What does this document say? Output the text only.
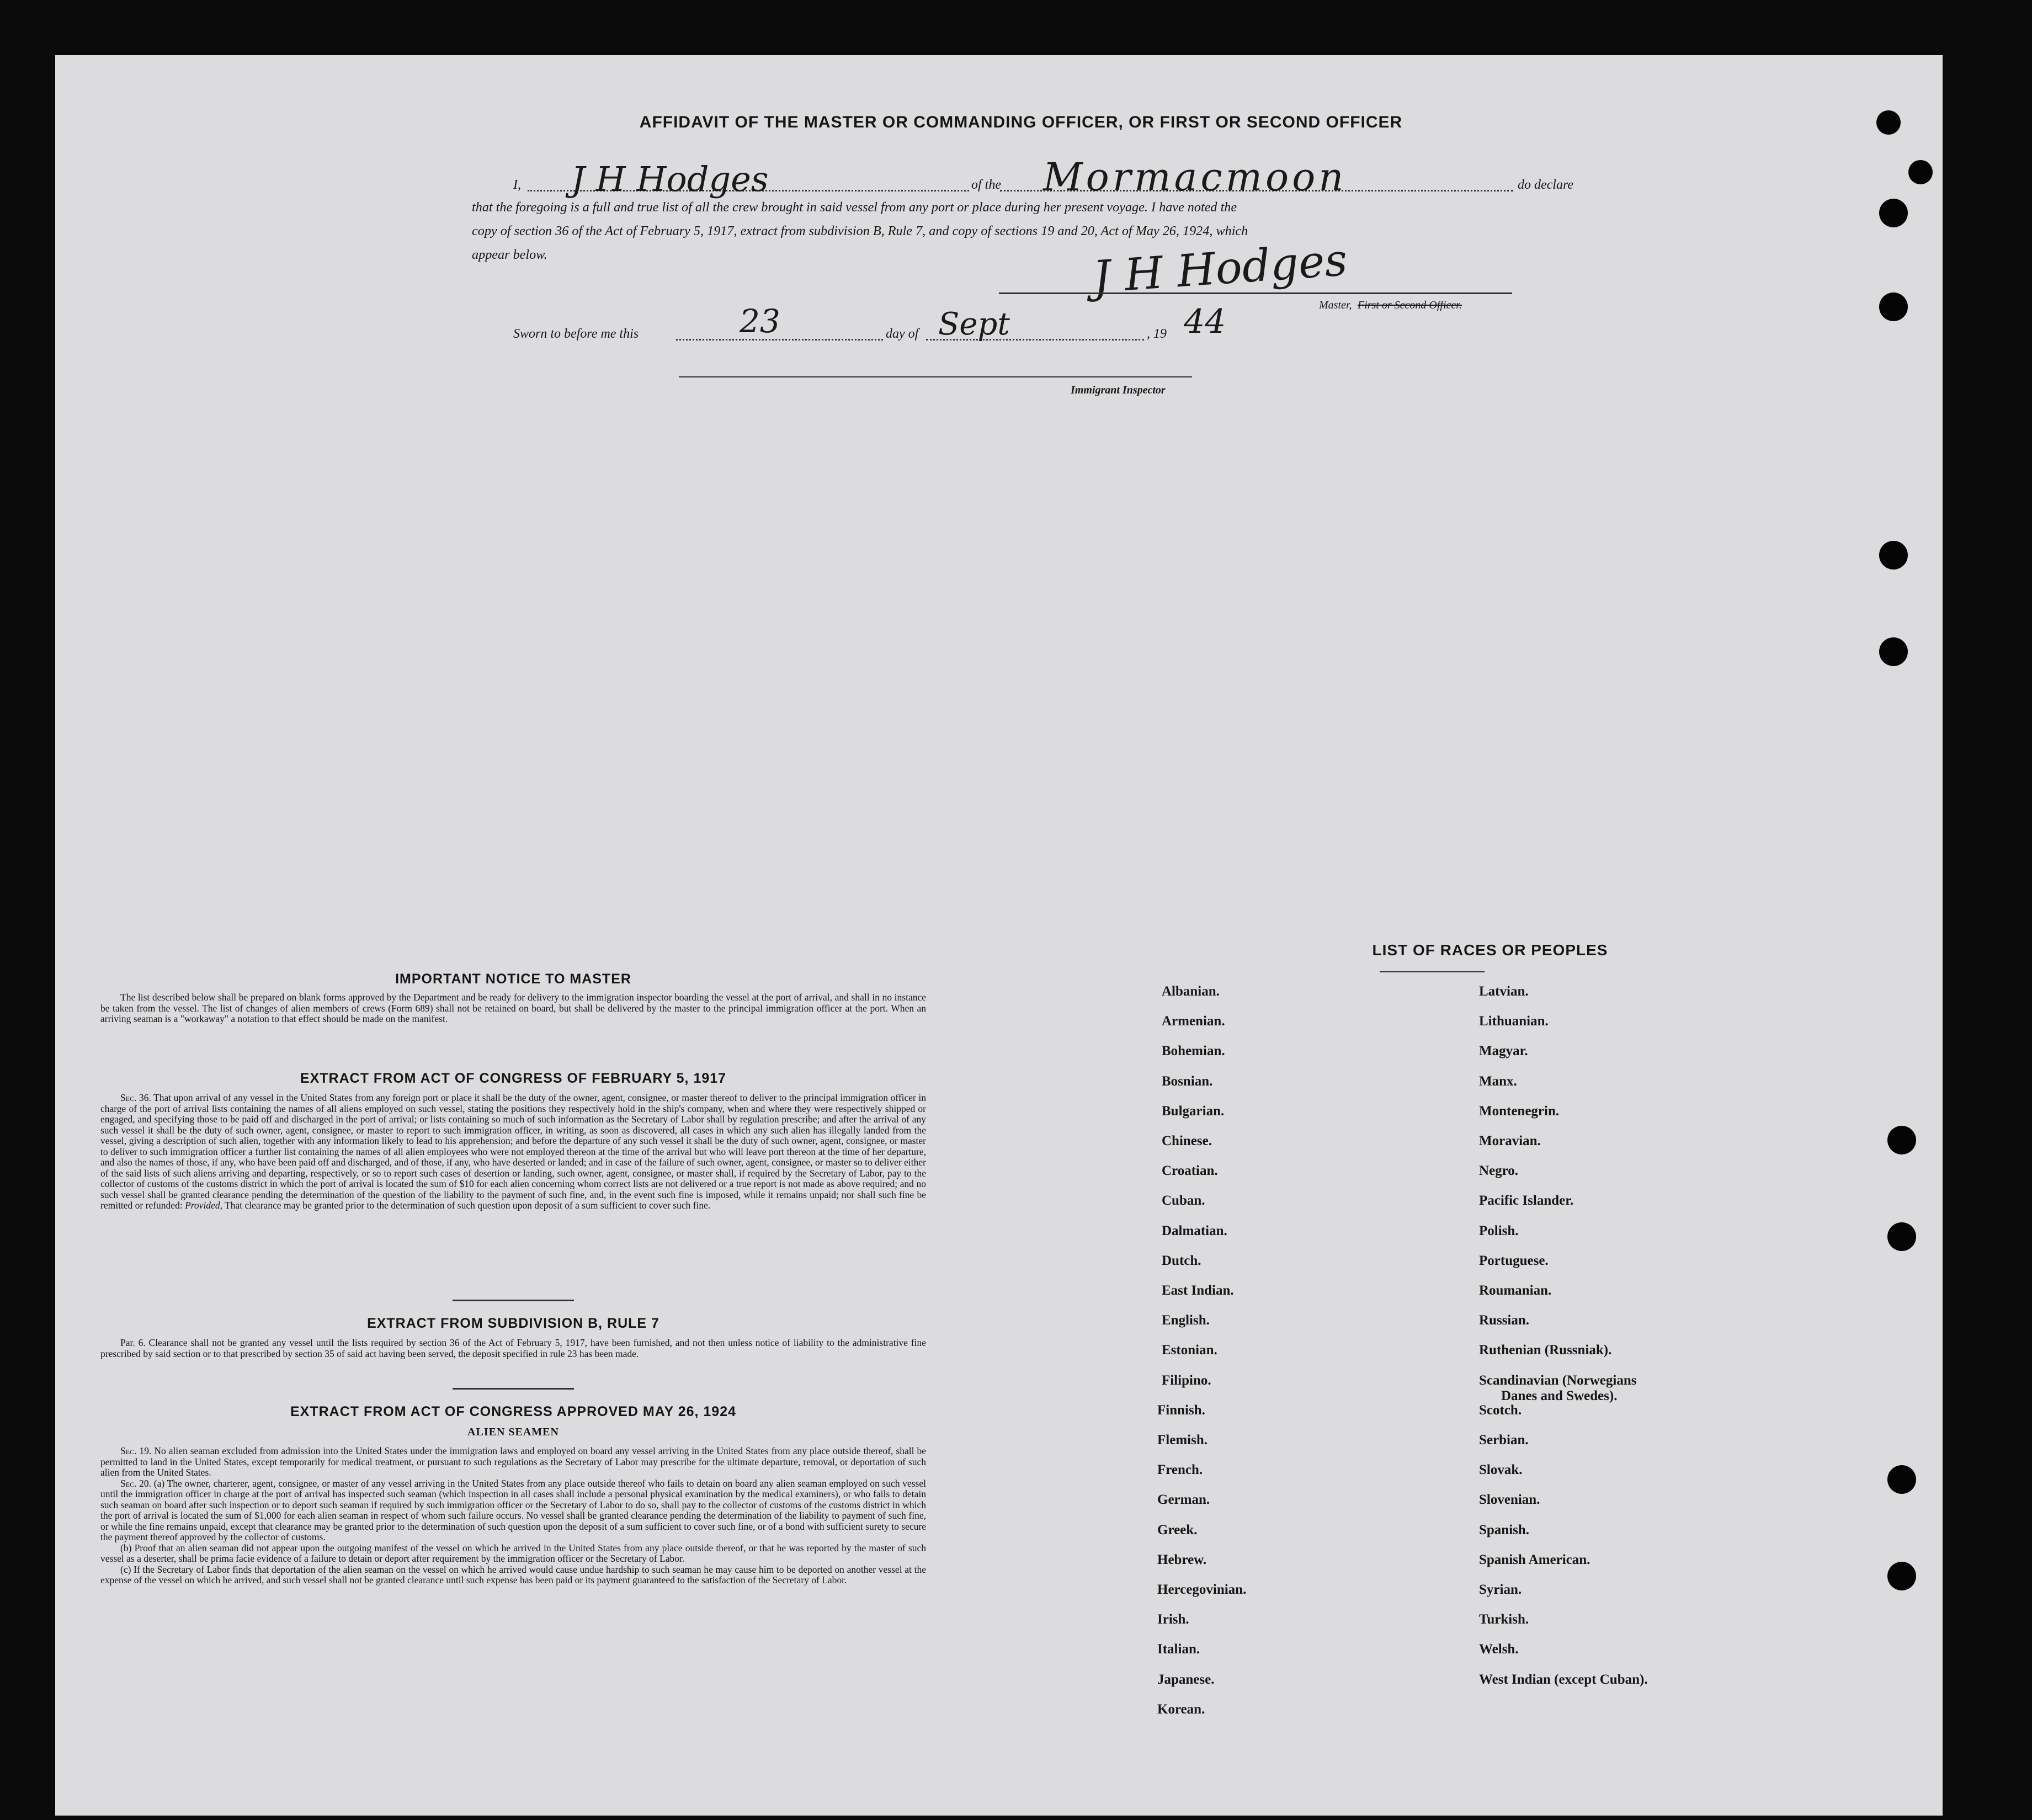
AFFIDAVIT OF THE MASTER OR COMMANDING OFFICER, OR FIRST OR SECOND OFFICER
I, J H Hodges	of the Mormacmoon	do declare
that the foregoing is a full and true list of all the crew brought in said vessel from any port or place during her present voyage. I have noted the
copy of section 36 of the Act of February 5, 1917, extract from subdivision B, Rule 7, and copy of sections 19 and 20, Act of May 26, 1924, which
appear below.	J H Hodges
Master, First or Second Officer.
Sworn to before me this	23	day of Sept	, 19 44
Immigrant Inspector
IMPORTANT NOTICE TO MASTER

The list described below shall be prepared on blank forms approved by the Department and be ready for delivery to the immigration inspector boarding the vessel at the port of arrival, and shall in no instance be taken from the vessel. The list of changes of alien members of crews (Form 689) shall not be retained on board, but shall be delivered by the master to the principal immigration officer at the port. When an arriving seaman is a "workaway" a notation to that effect should be made on the manifest.

EXTRACT FROM ACT OF CONGRESS OF FEBRUARY 5, 1917

Sec. 36. That upon arrival of any vessel in the United States from any foreign port or place it shall be the duty of the owner, agent, consignee, or master thereof to deliver to the principal immigration officer in charge of the port of arrival lists containing the names of all aliens employed on such vessel, stating the positions they respectively hold in the ship's company, when and where they were respectively shipped or engaged, and specifying those to be paid off and discharged in the port of arrival; or lists containing so much of such information as the Secretary of Labor shall by regulation prescribe; and after the arrival of any such vessel it shall be the duty of such owner, agent, consignee, or master to report to such immigration officer, in writing, as soon as discovered, all cases in which any such alien has illegally landed from the vessel, giving a description of such alien, together with any information likely to lead to his apprehension; and before the departure of any such vessel it shall be the duty of such owner, agent, consignee, or master to deliver to such immigration officer a further list containing the names of all alien employees who were not employed thereon at the time of the arrival but who will leave port thereon at the time of her departure, and also the names of those, if any, who have been paid off and discharged, and of those, if any, who have deserted or landed; and in case of the failure of such owner, agent, consignee, or master so to deliver either of the said lists of such aliens arriving and departing, respectively, or so to report such cases of desertion or landing, such owner, agent, consignee, or master shall, if required by the Secretary of Labor, pay to the collector of customs of the customs district in which the port of arrival is located the sum of $10 for each alien concerning whom correct lists are not delivered or a true report is not made as above required; and no such vessel shall be granted clearance pending the determination of the question of the liability to the payment of such fine, and, in the event such fine is imposed, while it remains unpaid; nor shall such fine be remitted or refunded: Provided, That clearance may be granted prior to the determination of such question upon deposit of a sum sufficient to cover such fine.

EXTRACT FROM SUBDIVISION B, RULE 7

Par. 6. Clearance shall not be granted any vessel until the lists required by section 36 of the Act of February 5, 1917, have been furnished, and not then unless notice of liability to the administrative fine prescribed by said section or to that prescribed by section 35 of said act having been served, the deposit specified in rule 23 has been made.

EXTRACT FROM ACT OF CONGRESS APPROVED MAY 26, 1924
ALIEN SEAMEN

Sec. 19. No alien seaman excluded from admission into the United States under the immigration laws and employed on board any vessel arriving in the United States from any place outside thereof, shall be permitted to land in the United States, except temporarily for medical treatment, or pursuant to such regulations as the Secretary of Labor may prescribe for the ultimate departure, removal, or deportation of such alien from the United States.

Sec. 20. (a) The owner, charterer, agent, consignee, or master of any vessel arriving in the United States from any place outside thereof who fails to detain on board any alien seaman employed on such vessel until the immigration officer in charge at the port of arrival has inspected such seaman (which inspection in all cases shall include a personal physical examination by the medical examiners), or who fails to detain such seaman on board after such inspection or to deport such seaman if required by such immigration officer or the Secretary of Labor to do so, shall pay to the collector of customs of the customs district in which the port of arrival is located the sum of $1,000 for each alien seaman in respect of whom such failure occurs. No vessel shall be granted clearance pending the determination of the liability to payment of such fine, or while the fine remains unpaid, except that clearance may be granted prior to the determination of such question upon the deposit of a sum sufficient to cover such fine, or of a bond with sufficient surety to secure the payment thereof approved by the collector of customs.

(b) Proof that an alien seaman did not appear upon the outgoing manifest of the vessel on which he arrived in the United States from any place outside thereof, or that he was reported by the master of such vessel as a deserter, shall be prima facie evidence of a failure to detain or deport after requirement by the immigration officer or the Secretary of Labor.

(c) If the Secretary of Labor finds that deportation of the alien seaman on the vessel on which he arrived would cause undue hardship to such seaman he may cause him to be deported on another vessel at the expense of the vessel on which he arrived, and such vessel shall not be granted clearance until such expense has been paid or its payment guaranteed to the satisfaction of the Secretary of Labor.

LIST OF RACES OR PEOPLES
Albanian.
Armenian.
Bohemian.
Bosnian.
Bulgarian.
Chinese.
Croatian.
Cuban.
Dalmatian.
Dutch.
East Indian.
English.
Estonian.
Filipino.
Finnish.
Flemish.
French.
German.
Greek.
Hebrew.
Hercegovinian.
Irish.
Italian.
Japanese.
Korean.
Latvian.
Lithuanian.
Magyar.
Manx.
Montenegrin.
Moravian.
Negro.
Pacific Islander.
Polish.
Portuguese.
Roumanian.
Russian.
Ruthenian (Russniak).
Scandinavian (Norwegians
Danes and Swedes).
Scotch.
Serbian.
Slovak.
Slovenian.
Spanish.
Spanish American.
Syrian.
Turkish.
Welsh.
West Indian (except Cuban).
